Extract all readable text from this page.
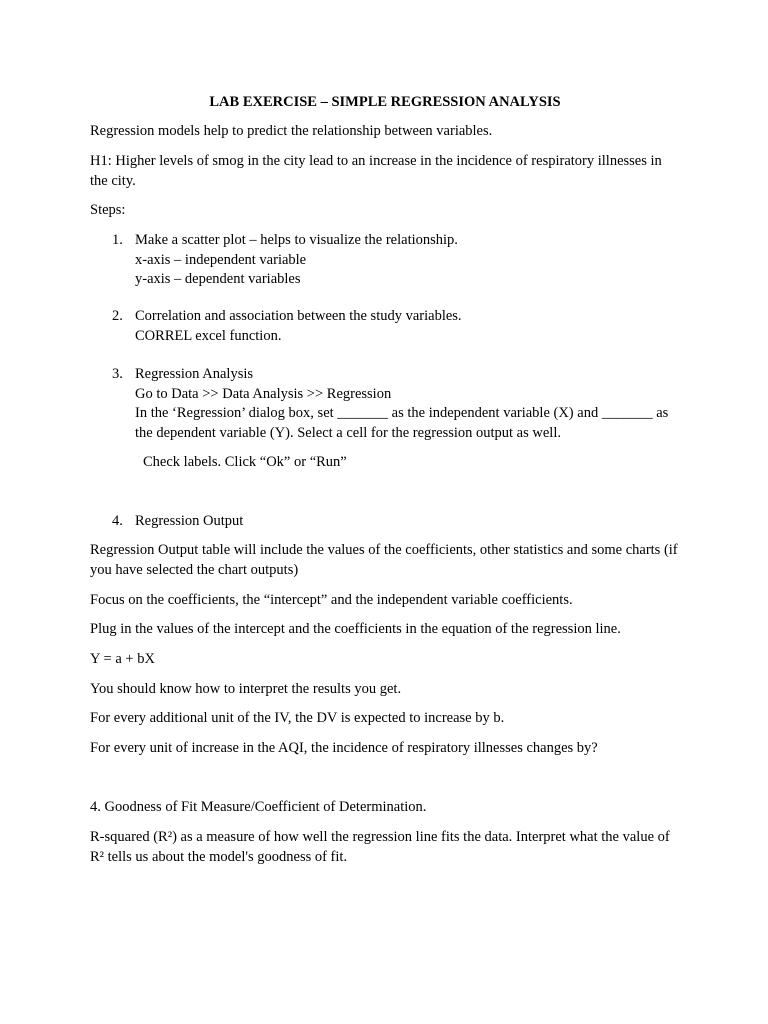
LAB EXERCISE – SIMPLE REGRESSION ANALYSIS

Regression models help to predict the relationship between variables.

H1: Higher levels of smog in the city lead to an increase in the incidence of respiratory illnesses in the city.

Steps:

1. Make a scatter plot – helps to visualize the relationship.
x-axis – independent variable
y-axis – dependent variables
2. Correlation and association between the study variables.
CORREL excel function.
3. Regression Analysis
Go to Data >> Data Analysis >> Regression
In the ‘Regression’ dialog box, set _______ as the independent variable (X) and _______ as the dependent variable (Y). Select a cell for the regression output as well.
Check labels. Click “Ok” or “Run”
4. Regression Output

Regression Output table will include the values of the coefficients, other statistics and some charts (if you have selected the chart outputs)

Focus on the coefficients, the “intercept” and the independent variable coefficients.

Plug in the values of the intercept and the coefficients in the equation of the regression line.

Y = a + bX

You should know how to interpret the results you get.

For every additional unit of the IV, the DV is expected to increase by b.

For every unit of increase in the AQI, the incidence of respiratory illnesses changes by?

4. Goodness of Fit Measure/Coefficient of Determination.

R-squared (R²) as a measure of how well the regression line fits the data. Interpret what the value of R² tells us about the model's goodness of fit.
